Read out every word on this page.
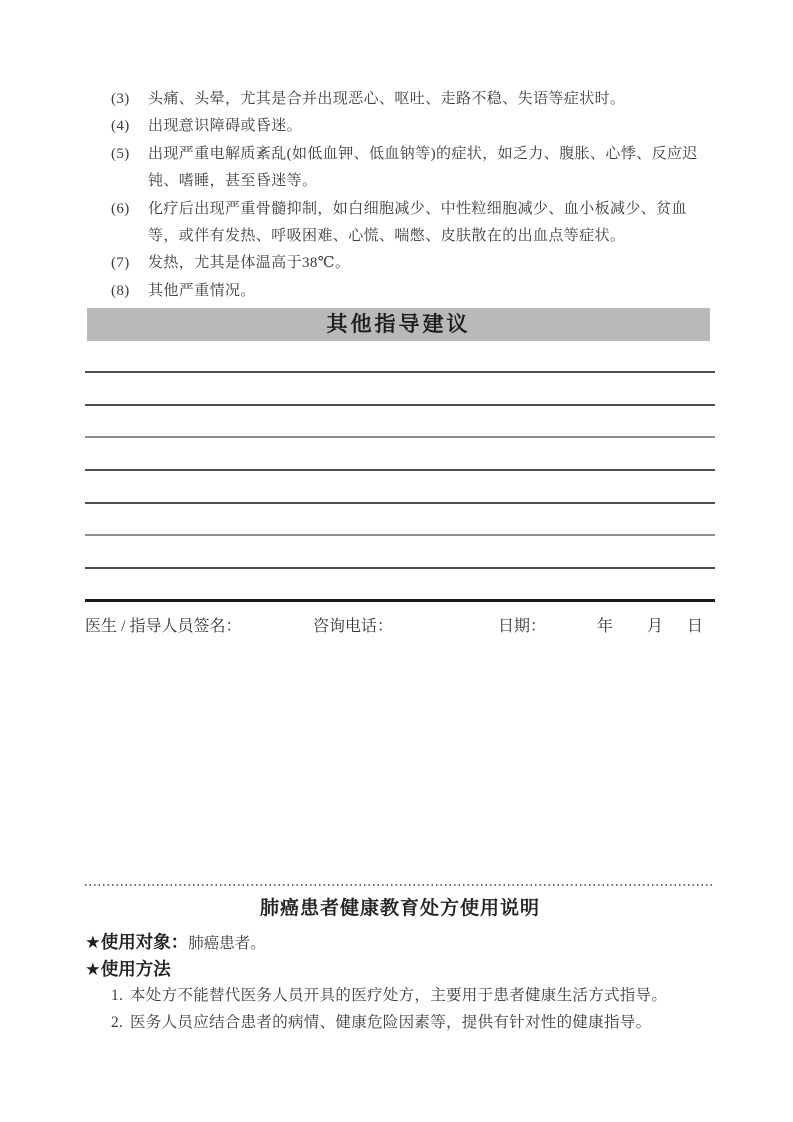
(3) 头痛、头晕，尤其是合并出现恶心、呕吐、走路不稳、失语等症状时。
(4) 出现意识障碍或昏迷。
(5) 出现严重电解质紊乱(如低血钾、低血钠等)的症状，如乏力、腹胀、心悸、反应迟钝、嗜睡，甚至昏迷等。
(6) 化疗后出现严重骨髓抑制，如白细胞减少、中性粒细胞减少、血小板减少、贫血等，或伴有发热、呼吸困难、心慌、喘憋、皮肤散在的出血点等症状。
(7) 发热，尤其是体温高于38℃。
(8) 其他严重情况。
其他指导建议
医生 / 指导人员签名：	咨询电话：	日期：	年 月 日
肺癌患者健康教育处方使用说明
★使用对象：肺癌患者。
★使用方法
1. 本处方不能替代医务人员开具的医疗处方，主要用于患者健康生活方式指导。
2. 医务人员应结合患者的病情、健康危险因素等，提供有针对性的健康指导。
